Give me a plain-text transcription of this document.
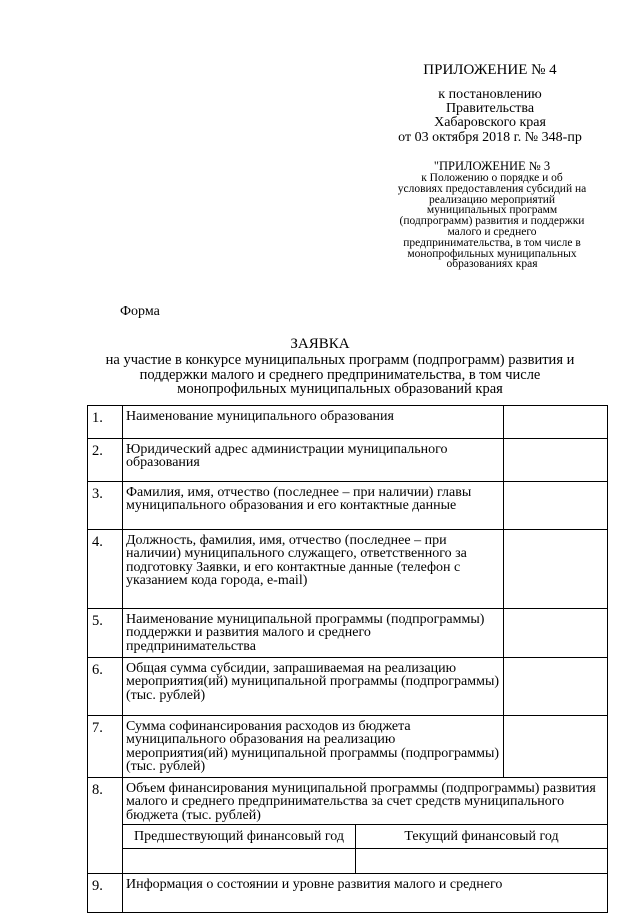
ПРИЛОЖЕНИЕ № 4
к постановлению
Правительства
Хабаровского края
от 03 октября 2018 г. № 348-пр
"ПРИЛОЖЕНИЕ № 3
к Положению о порядке и об
условиях предоставления субсидий на
реализацию мероприятий
муниципальных программ
(подпрограмм) развития и поддержки
малого и среднего
предпринимательства, в том числе в
монопрофильных муниципальных
образованиях края
Форма
ЗАЯВКА
на участие в конкурсе муниципальных программ (подпрограмм) развития и
поддержки малого и среднего предпринимательства, в том числе
монопрофильных муниципальных образований края
1.	Наименование муниципального образования	
2.	Юридический адрес администрации муниципального образования	
3.	Фамилия, имя, отчество (последнее – при наличии) главы муниципального образования и его контактные данные	
4.	Должность, фамилия, имя, отчество (последнее – при наличии) муниципального служащего, ответственного за подготовку Заявки, и его контактные данные (телефон с указанием кода города, e-mail)	
5.	Наименование муниципальной программы (подпрограммы) поддержки и развития малого и среднего предпринимательства	
6.	Общая сумма субсидии, запрашиваемая на реализацию мероприятия(ий) муниципальной программы (подпрограммы) (тыс. рублей)	
7.	Сумма софинансирования расходов из бюджета муниципального образования на реализацию мероприятия(ий) муниципальной программы (подпрограммы) (тыс. рублей)	
8.	Объем финансирования муниципальной программы (подпрограммы) развития малого и среднего предпринимательства за счет средств муниципального бюджета (тыс. рублей)
Предшествующий финансовый год	Текущий финансовый год

9.	Информация о состоянии и уровне развития малого и среднего
